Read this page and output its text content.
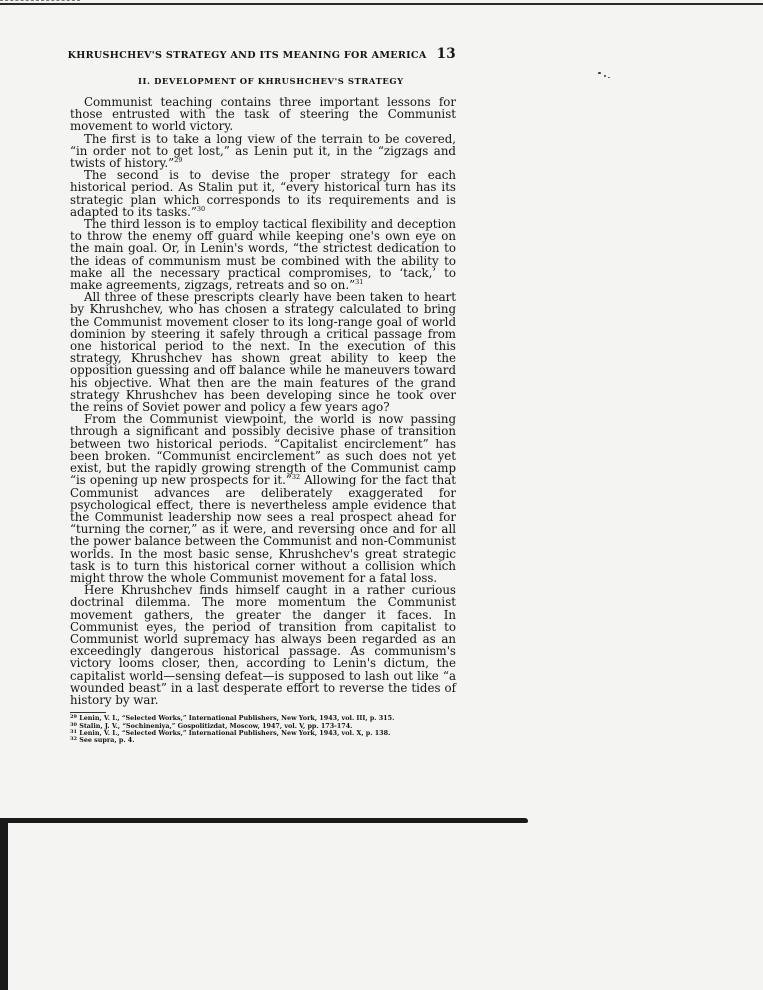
KHRUSHCHEV'S STRATEGY AND ITS MEANING FOR AMERICA 13
II. DEVELOPMENT OF KHRUSHCHEV'S STRATEGY

Communist teaching contains three important lessons for those entrusted with the task of steering the Communist movement to world victory.

The first is to take a long view of the terrain to be covered, “in order not to get lost,” as Lenin put it, in the “zigzags and twists of history.”$^{29}$

The second is to devise the proper strategy for each historical period. As Stalin put it, “every historical turn has its strategic plan which corresponds to its requirements and is adapted to its tasks.”$^{30}$

The third lesson is to employ tactical flexibility and deception to throw the enemy off guard while keeping one's own eye on the main goal. Or, in Lenin's words, “the strictest dedication to the ideas of communism must be combined with the ability to make all the necessary practical compromises, to ‘tack,’ to make agreements, zigzags, retreats and so on.”$^{31}$

All three of these prescripts clearly have been taken to heart by Khrushchev, who has chosen a strategy calculated to bring the Communist movement closer to its long-range goal of world dominion by steering it safely through a critical passage from one historical period to the next. In the execution of this strategy, Khrushchev has shown great ability to keep the opposition guessing and off balance while he maneuvers toward his objective. What then are the main features of the grand strategy Khrushchev has been developing since he took over the reins of Soviet power and policy a few years ago?

From the Communist viewpoint, the world is now passing through a significant and possibly decisive phase of transition between two historical periods. “Capitalist encirclement” has been broken. “Communist encirclement” as such does not yet exist, but the rapidly growing strength of the Communist camp “is opening up new prospects for it.”$^{32}$ Allowing for the fact that Communist advances are deliberately exaggerated for psychological effect, there is nevertheless ample evidence that the Communist leadership now sees a real prospect ahead for “turning the corner,” as it were, and reversing once and for all the power balance between the Communist and non-Communist worlds. In the most basic sense, Khrushchev's great strategic task is to turn this historical corner without a collision which might throw the whole Communist movement for a fatal loss.

Here Khrushchev finds himself caught in a rather curious doctrinal dilemma. The more momentum the Communist movement gathers, the greater the danger it faces. In Communist eyes, the period of transition from capitalist to Communist world supremacy has always been regarded as an exceedingly dangerous historical passage. As communism's victory looms closer, then, according to Lenin's dictum, the capitalist world—sensing defeat—is supposed to lash out like “a wounded beast” in a last desperate effort to reverse the tides of history by war.

$^{29}$ Lenin, V. I., “Selected Works,” International Publishers, New York, 1943, vol. III, p. 315.
$^{30}$ Stalin, J. V., “Sochineniya,” Gospolitizdat, Moscow, 1947, vol. V, pp. 173-174.
$^{31}$ Lenin, V. I., “Selected Works,” International Publishers, New York, 1943, vol. X, p. 138.
$^{32}$ See supra, p. 4.
